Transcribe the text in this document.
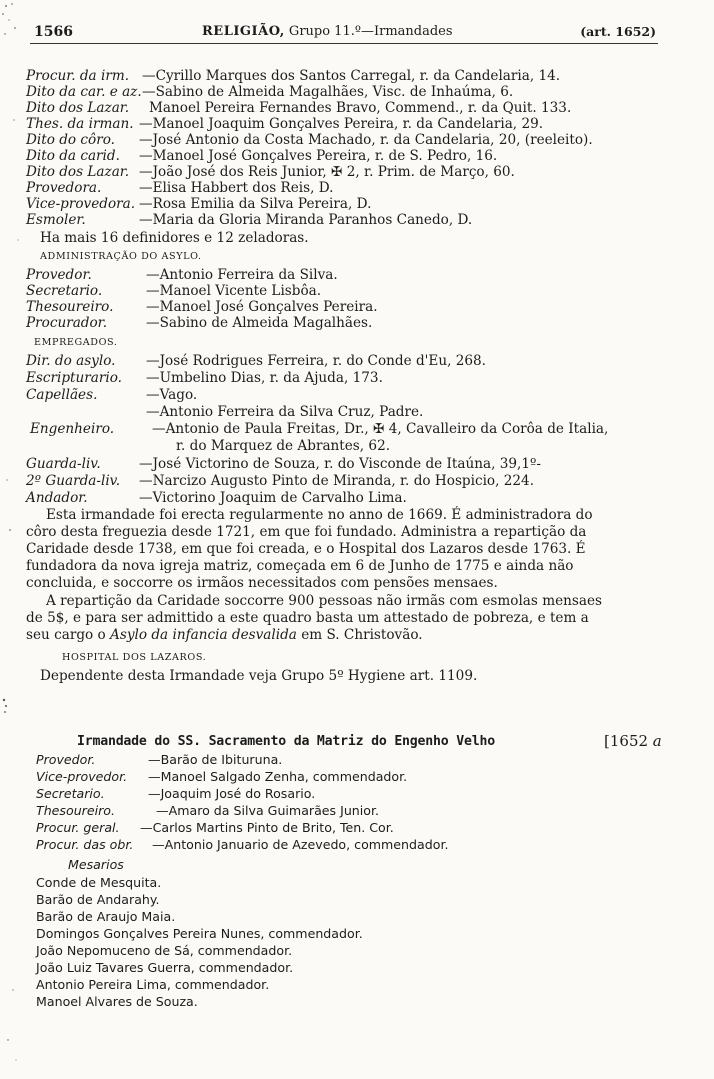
1566	RELIGIÃO, Grupo 11.º—Irmandades	(art. 1652)
Procur. da irm. —Cyrillo Marques dos Santos Carregal, r. da Candelaria, 14.
Dito da car. e az. —Sabino de Almeida Magalhães, Visc. de Inhaúma, 6.
Dito dos Lazar. Manoel Pereira Fernandes Bravo, Commend., r. da Quit. 133.
Thes. da irman. —Manoel Joaquim Gonçalves Pereira, r. da Candelaria, 29.
Dito do côro. —José Antonio da Costa Machado, r. da Candelaria, 20, (reeleito).
Dito da carid. —Manoel José Gonçalves Pereira, r. de S. Pedro, 16.
Dito dos Lazar. —João José dos Reis Junior, ✠ 2, r. Prim. de Março, 60.
Provedora.	—Elisa Habbert dos Reis, D.
Vice-provedora. —Rosa Emilia da Silva Pereira, D.
Esmoler.	—Maria da Gloria Miranda Paranhos Canedo, D.
Ha mais 16 definidores e 12 zeladoras.
ADMINISTRAÇÃO DO ASYLO.
Provedor.	—Antonio Ferreira da Silva.
Secretario.	—Manoel Vicente Lisbôa.
Thesoureiro. —Manoel José Gonçalves Pereira.
Procurador.	—Sabino de Almeida Magalhães.
EMPREGADOS.
Dir. do asylo. —José Rodrigues Ferreira, r. do Conde d'Eu, 268.
Escripturario. —Umbelino Dias, r. da Ajuda, 173.
Capellães.	—Vago.
—Antonio Ferreira da Silva Cruz, Padre.
Engenheiro.	—Antonio de Paula Freitas, Dr., ✠ 4, Cavalleiro da Corôa de Italia,
r. do Marquez de Abrantes, 62.
Guarda-liv.	—José Victorino de Souza, r. do Visconde de Itaúna, 39,1º-
2º Guarda-liv. —Narcizo Augusto Pinto de Miranda, r. do Hospicio, 224.
Andador.	—Victorino Joaquim de Carvalho Lima.
Esta irmandade foi erecta regularmente no anno de 1669. É administradora do
côro desta freguezia desde 1721, em que foi fundado. Administra a repartição da
Caridade desde 1738, em que foi creada, e o Hospital dos Lazaros desde 1763. É
fundadora da nova igreja matriz, começada em 6 de Junho de 1775 e ainda não
concluida, e soccorre os irmãos necessitados com pensões mensaes.
A repartição da Caridade soccorre 900 pessoas não irmãs com esmolas mensaes
de 5$, e para ser admittido a este quadro basta um attestado de pobreza, e tem a
seu cargo o Asylo da infancia desvalida em S. Christovão.
HOSPITAL DOS LAZAROS.
Dependente desta Irmandade veja Grupo 5º Hygiene art. 1109.
Irmandade do SS. Sacramento da Matriz do Engenho Velho	[1652 a
Provedor.	—Barão de Ibituruna.
Vice-provedor. —Manoel Salgado Zenha, commendador.
Secretario.	—Joaquim José do Rosario.
Thesoureiro.	—Amaro da Silva Guimarães Junior.
Procur. geral. —Carlos Martins Pinto de Brito, Ten. Cor.
Procur. das obr. —Antonio Januario de Azevedo, commendador.
Mesarios
Conde de Mesquita.
Barão de Andarahy.
Barão de Araujo Maia.
Domingos Gonçalves Pereira Nunes, commendador.
João Nepomuceno de Sá, commendador.
João Luiz Tavares Guerra, commendador.
Antonio Pereira Lima, commendador.
Manoel Alvares de Souza.
